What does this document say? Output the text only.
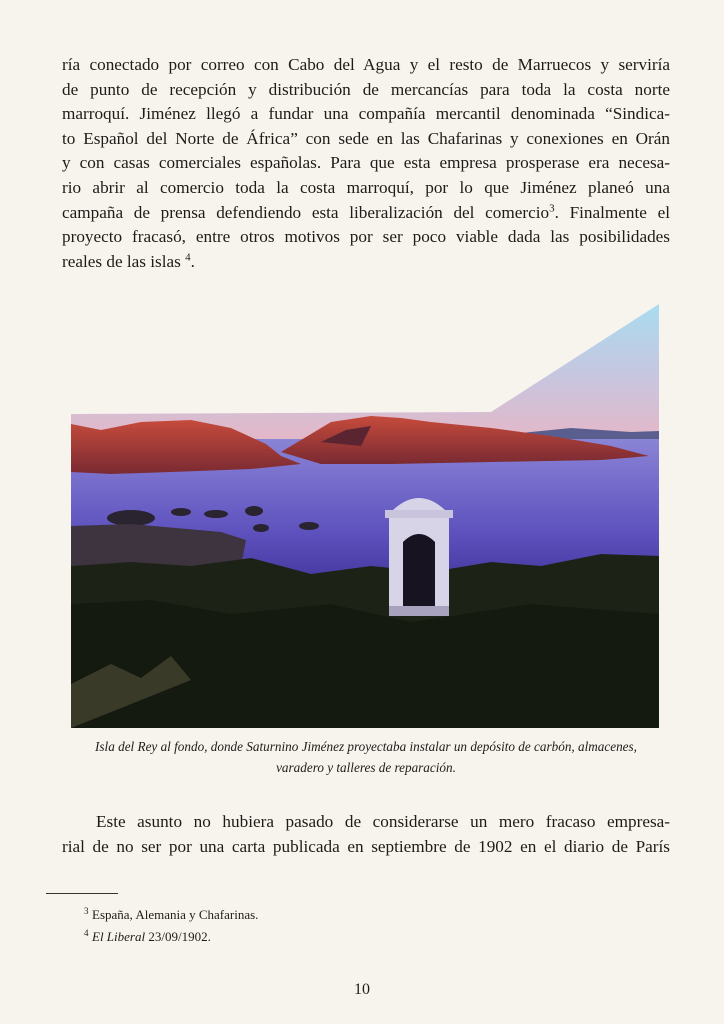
ría conectado por correo con Cabo del Agua y el resto de Marruecos y serviría
de punto de recepción y distribución de mercancías para toda la costa norte
marroquí. Jiménez llegó a fundar una compañía mercantil denominada “Sindica-
to Español del Norte de África” con sede en las Chafarinas y conexiones en Orán
y con casas comerciales españolas. Para que esta empresa prosperase era necesa-
rio abrir al comercio toda la costa marroquí, por lo que Jiménez planeó una
campaña de prensa defendiendo esta liberalización del comercio$^3$. Finalmente el
proyecto fracasó, entre otros motivos por ser poco viable dada las posibilidades
reales de las islas $^4$.
Isla del Rey al fondo, donde Saturnino Jiménez proyectaba instalar un depósito de carbón, almacenes,
varadero y talleres de reparación.
Este asunto no hubiera pasado de considerarse un mero fracaso empresa-
rial de no ser por una carta publicada en septiembre de 1902 en el diario de París

3 España, Alemania y Chafarinas.

4 El Liberal 23/09/1902.

10
